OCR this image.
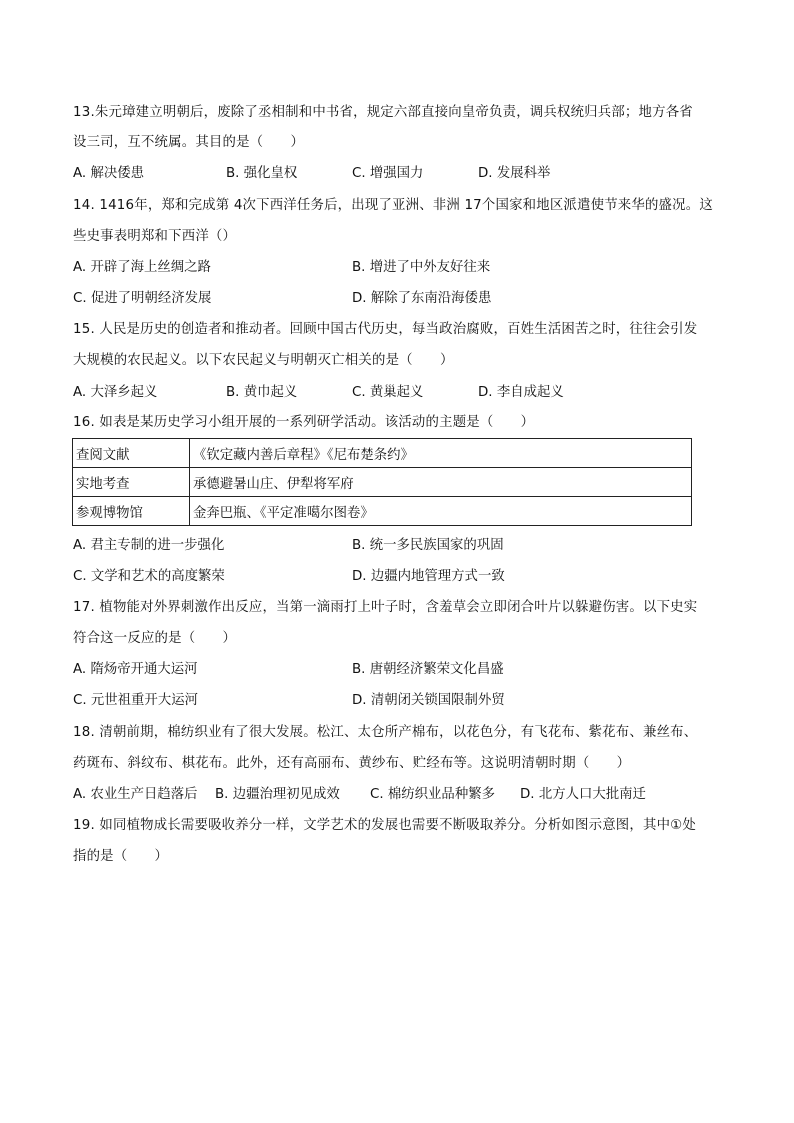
13.朱元璋建立明朝后，废除了丞相制和中书省，规定六部直接向皇帝负责，调兵权统归兵部；地方各省
设三司，互不统属。其目的是（　　）
A. 解决倭患	B. 强化皇权	C. 增强国力	D. 发展科举
14. 1416年，郑和完成第 4次下西洋任务后，出现了亚洲、非洲 17个国家和地区派遣使节来华的盛况。这
些史事表明郑和下西洋（）
A. 开辟了海上丝绸之路	B. 增进了中外友好往来
C. 促进了明朝经济发展	D. 解除了东南沿海倭患
15. 人民是历史的创造者和推动者。回顾中国古代历史，每当政治腐败，百姓生活困苦之时，往往会引发
大规模的农民起义。以下农民起义与明朝灭亡相关的是（　　）
A. 大泽乡起义	B. 黄巾起义	C. 黄巢起义	D. 李自成起义
16. 如表是某历史学习小组开展的一系列研学活动。该活动的主题是（　　）
查阅文献	《钦定藏内善后章程》《尼布楚条约》
实地考查	承德避暑山庄、伊犁将军府
参观博物馆	金奔巴瓶、《平定准噶尔图卷》
A. 君主专制的进一步强化	B. 统一多民族国家的巩固
C. 文学和艺术的高度繁荣	D. 边疆内地管理方式一致
17. 植物能对外界刺激作出反应，当第一滴雨打上叶子时，含羞草会立即闭合叶片以躲避伤害。以下史实
符合这一反应的是（　　）
A. 隋炀帝开通大运河	B. 唐朝经济繁荣文化昌盛
C. 元世祖重开大运河	D. 清朝闭关锁国限制外贸
18. 清朝前期，棉纺织业有了很大发展。松江、太仓所产棉布，以花色分，有飞花布、紫花布、兼丝布、
药斑布、斜纹布、棋花布。此外，还有高丽布、黄纱布、贮经布等。这说明清朝时期（　　）
A. 农业生产日趋落后 B. 边疆治理初见成效 C. 棉纺织业品种繁多 D. 北方人口大批南迁
19. 如同植物成长需要吸收养分一样，文学艺术的发展也需要不断吸取养分。分析如图示意图，其中①处
指的是（　　）
